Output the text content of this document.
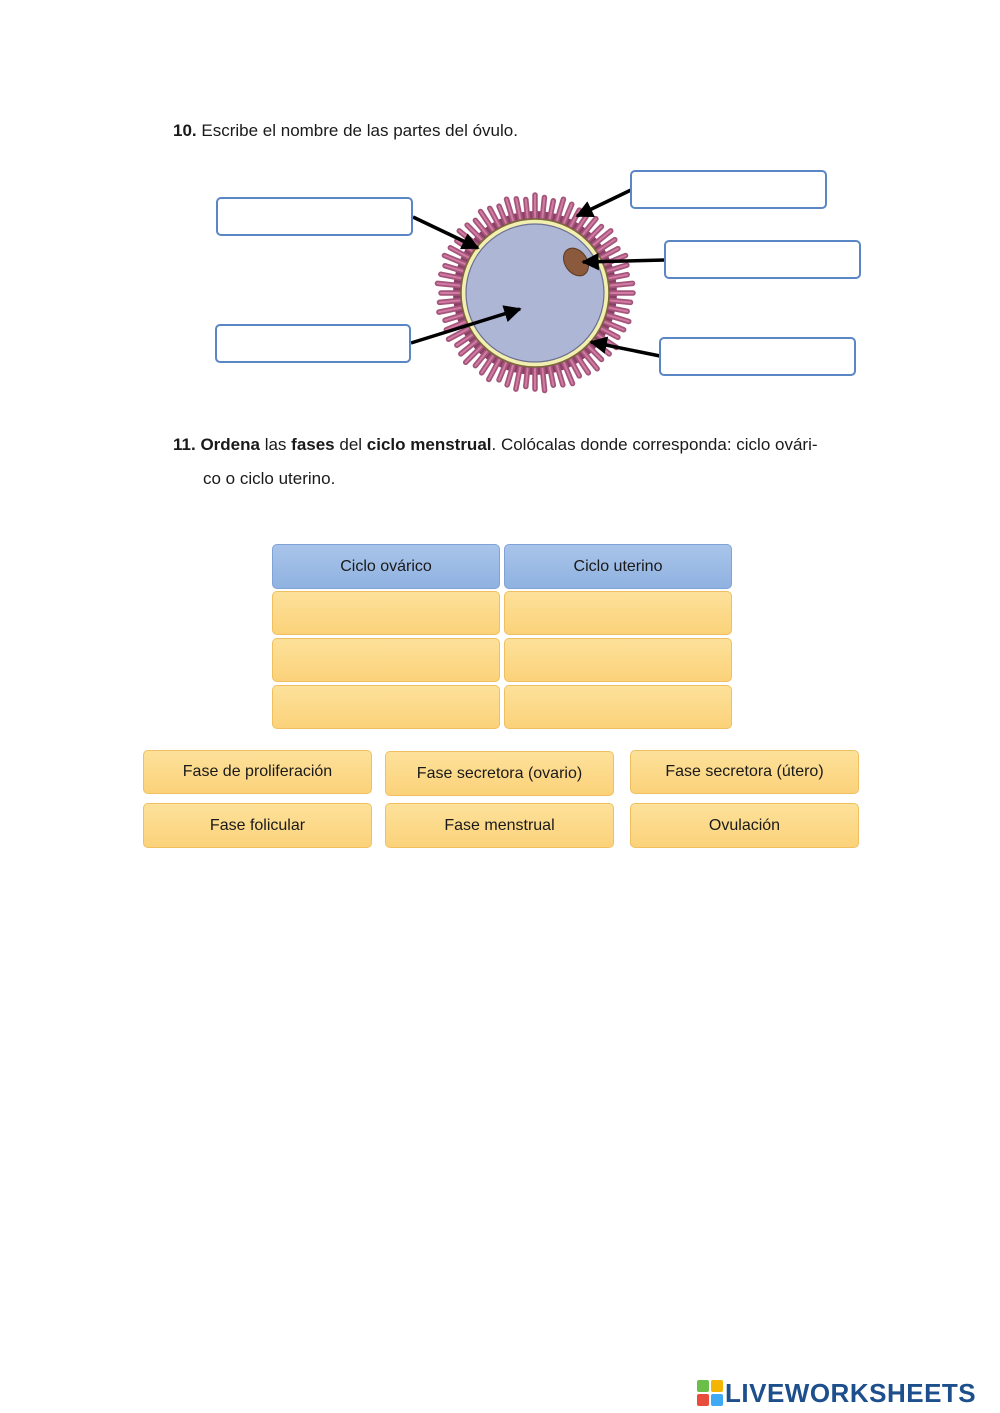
10. Escribe el nombre de las partes del óvulo.
11. Ordena las fases del ciclo menstrual. Colócalas donde corresponda: ciclo ovári-
co o ciclo uterino.
Ciclo ovárico	Ciclo uterino
Fase de proliferación	Fase secretora (ovario)	Fase secretora (útero)
Fase folicular	Fase menstrual	Ovulación
LIVEWORKSHEETS
